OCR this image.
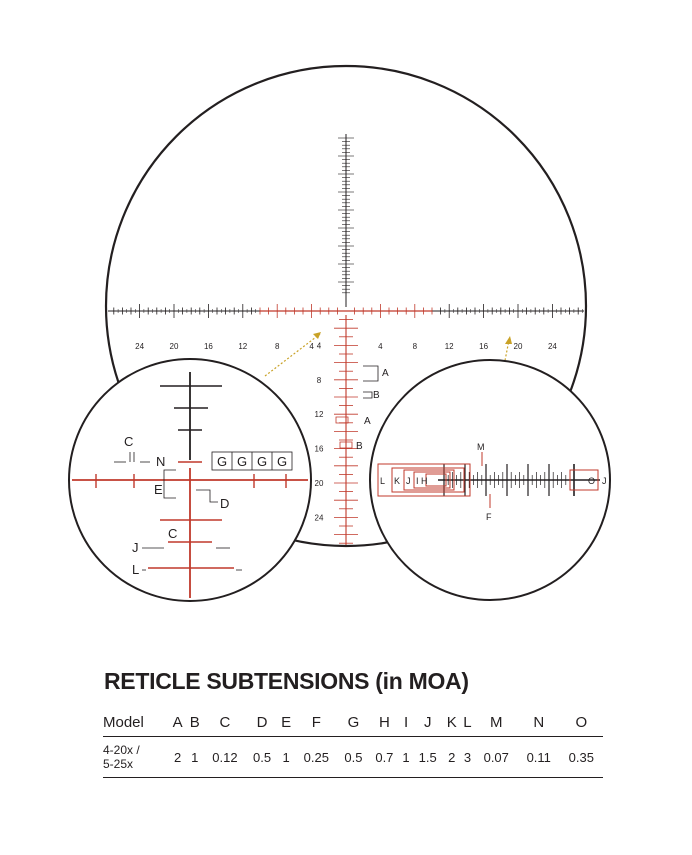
24	20	16	12	8	4	4	8	12	16	20	24
4
8
12
16
20
24
A
B
A
B
C
N	G G G G
E
D
C
J
L
M
F
L K J I H	O J
RETICLE SUBTENSIONS (in MOA)
Model	A	B	C	D	E	F	G	H	I	J	K	L	M	N	O

4-20x /
5-25x	2	1	0.12	0.5	1	0.25	0.5	0.7	1	1.5	2	3	0.07	0.11	0.35
